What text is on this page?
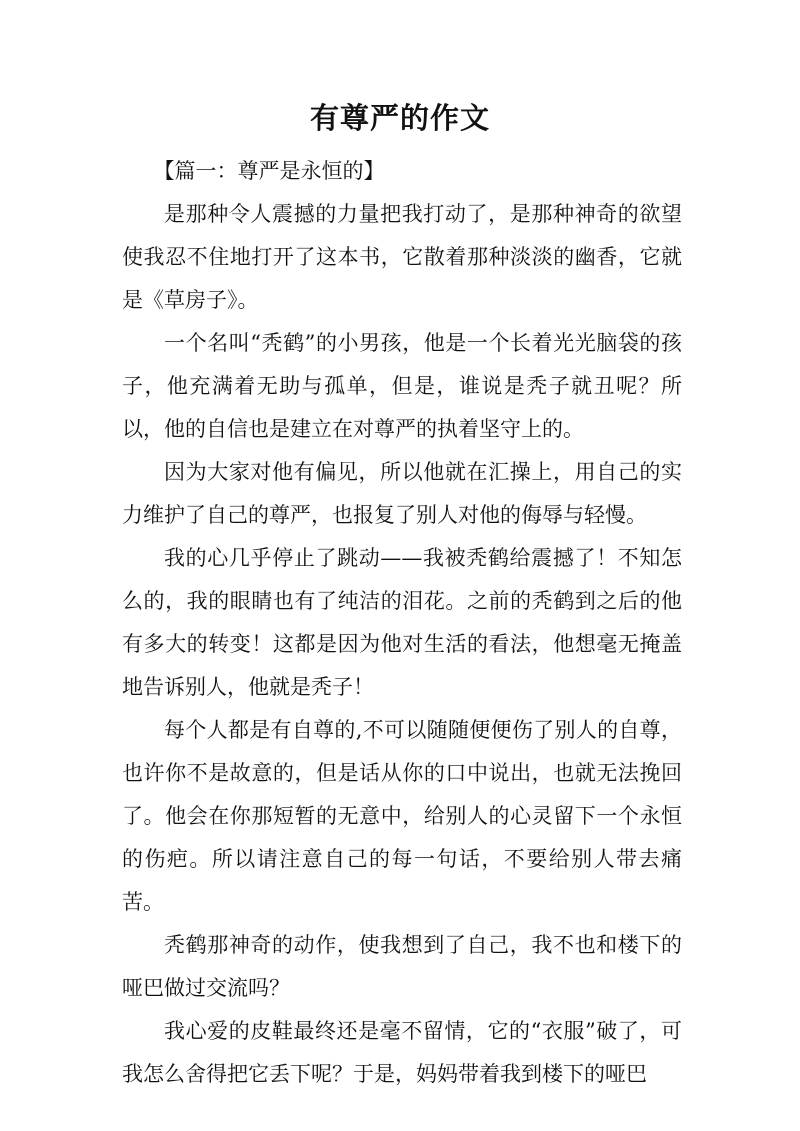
有尊严的作文

【篇一：尊严是永恒的】

是那种令人震撼的力量把我打动了，是那种神奇的欲望使我忍不住地打开了这本书，它散着那种淡淡的幽香，它就是《草房子》。

一个名叫“秃鹤”的小男孩，他是一个长着光光脑袋的孩子，他充满着无助与孤单，但是，谁说是秃子就丑呢？所以，他的自信也是建立在对尊严的执着坚守上的。

因为大家对他有偏见，所以他就在汇操上，用自己的实力维护了自己的尊严，也报复了别人对他的侮辱与轻慢。

我的心几乎停止了跳动——我被秃鹤给震撼了！不知怎么的，我的眼睛也有了纯洁的泪花。之前的秃鹤到之后的他有多大的转变！这都是因为他对生活的看法，他想毫无掩盖地告诉别人，他就是秃子！

每个人都是有自尊的,不可以随随便便伤了别人的自尊，也许你不是故意的，但是话从你的口中说出，也就无法挽回了。他会在你那短暂的无意中，给别人的心灵留下一个永恒的伤疤。所以请注意自己的每一句话，不要给别人带去痛苦。

秃鹤那神奇的动作，使我想到了自己，我不也和楼下的哑巴做过交流吗？

我心爱的皮鞋最终还是毫不留情，它的“衣服”破了，可我怎么舍得把它丢下呢？于是，妈妈带着我到楼下的哑巴
